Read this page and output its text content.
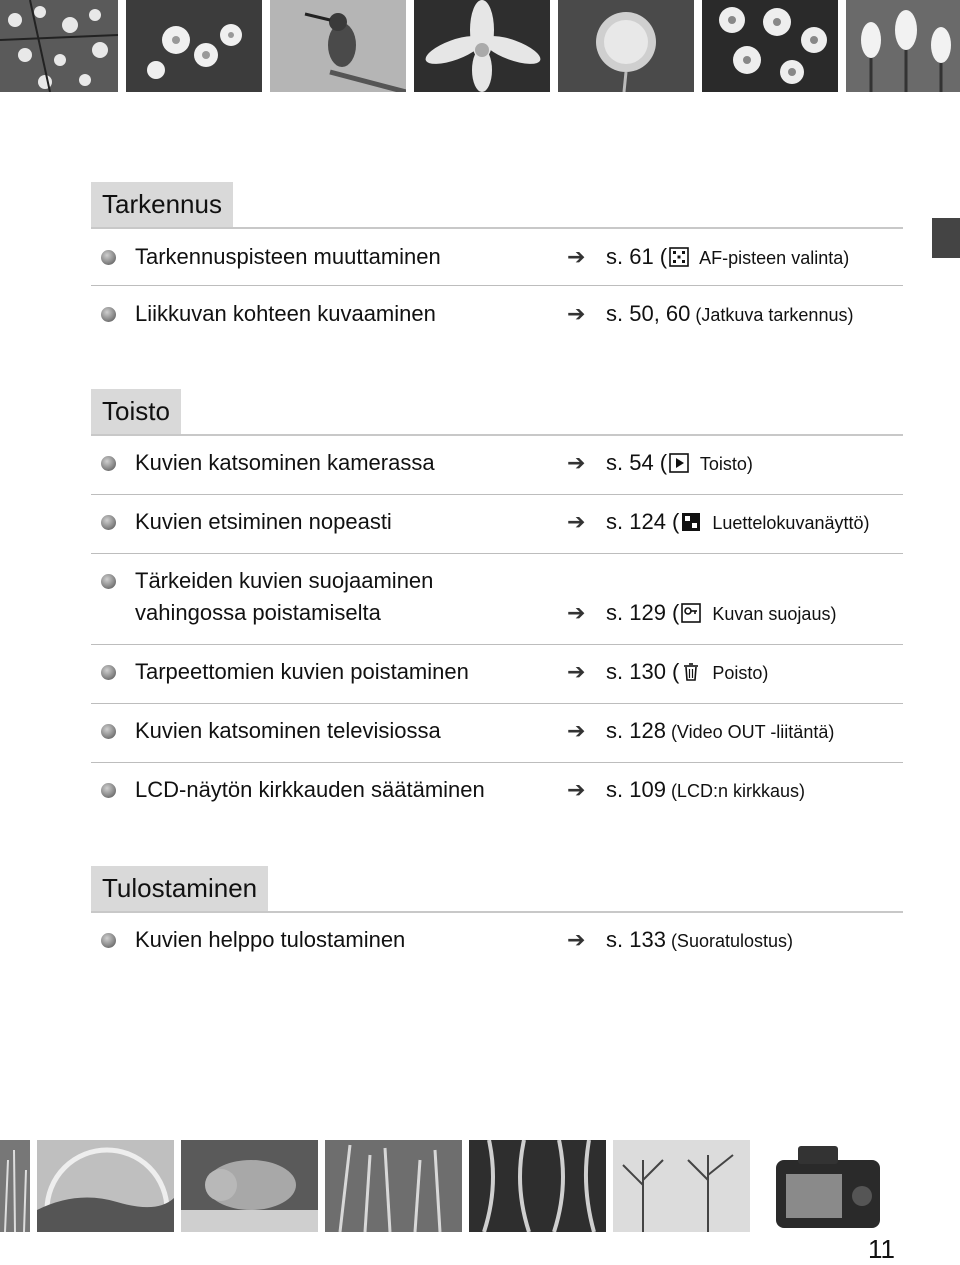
Tarkennus
Tarkennuspisteen muuttaminen	➔ s. 61 ( AF-pisteen valinta)
Liikkuvan kohteen kuvaaminen	➔ s. 50, 60 (Jatkuva tarkennus)
Toisto
Kuvien katsominen kamerassa	➔ s. 54 ( Toisto)
Kuvien etsiminen nopeasti	➔ s. 124 ( Luettelokuvanäyttö)
Tärkeiden kuvien suojaaminen
vahingossa poistamiselta	➔ s. 129 ( Kuvan suojaus)
Tarpeettomien kuvien poistaminen	➔ s. 130 ( Poisto)
Kuvien katsominen televisiossa	➔ s. 128 (Video OUT -liitäntä)
LCD-näytön kirkkauden säätäminen	➔ s. 109 (LCD:n kirkkaus)
Tulostaminen
Kuvien helppo tulostaminen	➔ s. 133 (Suoratulostus)
11
